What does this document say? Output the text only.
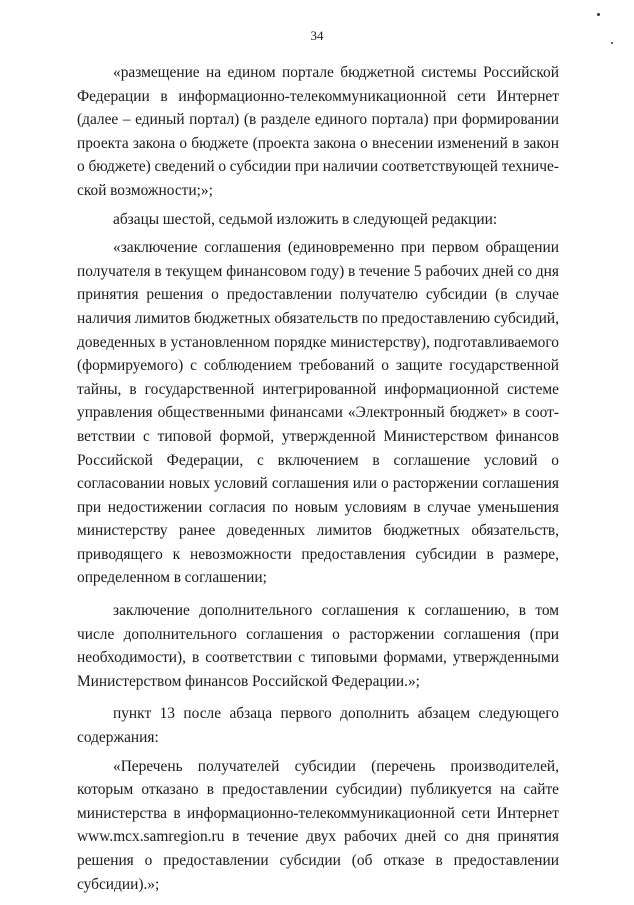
34

«размещение на едином портале бюджетной системы Российской Федерации в информационно-телекоммуникационной сети Интернет (далее – единый портал) (в разделе единого портала) при формировании проекта закона о бюджете (проекта закона о внесении изменений в закон о бюджете) сведений о субсидии при наличии соответствующей технической возможности;»;

абзацы шестой, седьмой изложить в следующей редакции:

«заключение соглашения (единовременно при первом обращении получателя в текущем финансовом году) в течение 5 рабочих дней со дня принятия решения о предоставлении получателю субсидии (в случае наличия лимитов бюджетных обязательств по предоставлению субсидий, доведенных в установленном порядке министерству), подготавливаемого (формируемого) с соблюдением требований о защите государственной тайны, в государственной интегрированной информационной системе управления общественными финансами «Электронный бюджет» в соответствии с типовой формой, утвержденной Министерством финансов Российской Федерации, с включением в соглашение условий о согласовании новых условий соглашения или о расторжении соглашения при недостижении согласия по новым условиям в случае уменьшения министерству ранее доведенных лимитов бюджетных обязательств, приводящего к невозможности предоставления субсидии в размере, определенном в соглашении;

заключение дополнительного соглашения к соглашению, в том числе дополнительного соглашения о расторжении соглашения (при необходимости), в соответствии с типовыми формами, утвержденными Министерством финансов Российской Федерации.»;

пункт 13 после абзаца первого дополнить абзацем следующего содержания:

«Перечень получателей субсидии (перечень производителей, которым отказано в предоставлении субсидии) публикуется на сайте министерства в информационно-телекоммуникационной сети Интернет www.mcx.samregion.ru в течение двух рабочих дней со дня принятия решения о предоставлении субсидии (об отказе в предоставлении субсидии).»;
